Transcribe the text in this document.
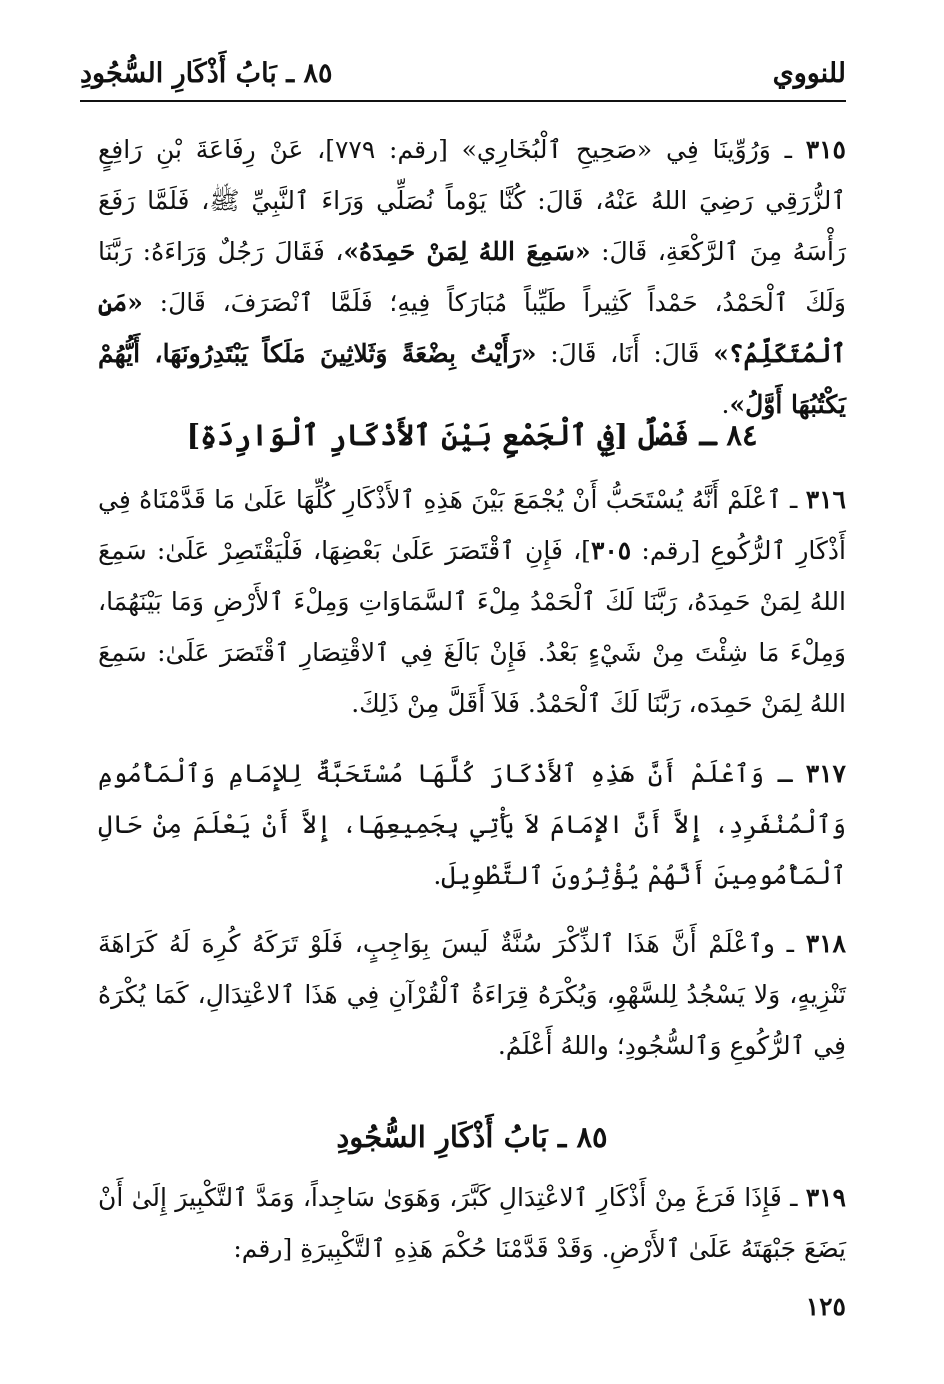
للنووي
٨٥ ـ بَابُ أَذْكَارِ السُّجُودِ
٣١٥ ـ وَرُوِّينَا فِي «صَحِيحِ ٱلْبُخَارِي» [رقم: ٧٧٩]، عَنْ رِفَاعَةَ بْنِ رَافِعٍ ٱلزُّرَقِي رَضِيَ اللهُ عَنْهُ، قَالَ: كُنَّا يَوْماً نُصَلِّي وَرَاءَ ٱلنَّبِيِّ ﷺ، فَلَمَّا رَفَعَ رَأْسَهُ مِنَ ٱلرَّكْعَةِ، قَالَ: «سَمِعَ اللهُ لِمَنْ حَمِدَهُ»، فَقَالَ رَجُلٌ وَرَاءَهُ: رَبَّنَا وَلَكَ ٱلْحَمْدُ، حَمْداً كَثِيراً طَيِّباً مُبَارَكاً فِيهِ؛ فَلَمَّا ٱنْصَرَفَ، قَالَ: «مَنِ ٱلْمُتَكَلِّمُ؟» قَالَ: أَنَا، قَالَ: «رَأَيْتُ بِضْعَةً وَثَلاثِينَ مَلَكاً يَبْتَدِرُونَهَا، أَيُّهُمْ يَكْتُبُهَا أَوَّلُ».
٨٤ ـ فَصْلٌ [فِي ٱلْجَمْعِ بَيْنَ ٱلأَذْكَارِ ٱلْوَارِدَةِ]
٣١٦ ـ ٱعْلَمْ أَنَّهُ يُسْتَحَبُّ أَنْ يُجْمَعَ بَيْنَ هَذِهِ ٱلأَذْكَارِ كُلِّهَا عَلَىٰ مَا قَدَّمْنَاهُ فِي أَذْكَارِ ٱلرُّكُوعِ [رقم: ٣٠٥]، فَإِنِ ٱقْتَصَرَ عَلَىٰ بَعْضِهَا، فَلْيَقْتَصِرْ عَلَىٰ: سَمِعَ اللهُ لِمَنْ حَمِدَهُ، رَبَّنَا لَكَ ٱلْحَمْدُ مِلْءَ ٱلسَّمَاوَاتِ وَمِلْءَ ٱلأَرْضِ وَمَا بَيْنَهُمَا، وَمِلْءَ مَا شِئْتَ مِنْ شَيْءٍ بَعْدُ. فَإِنْ بَالَغَ فِي ٱلاقْتِصَارِ ٱقْتَصَرَ عَلَىٰ: سَمِعَ اللهُ لِمَنْ حَمِدَه، رَبَّنَا لَكَ ٱلْحَمْدُ. فَلاَ أَقَلَّ مِنْ ذَلِكَ.
٣١٧ ـ وَٱعْلَمْ أَنَّ هَذِهِ ٱلأَذْكَارَ كُلَّهَا مُسْتَحَبَّةٌ لِلإِمَامِ وَٱلْمَأْمُومِ وَٱلْمُنْفَرِدِ، إِلاَّ أَنَّ الإِمَامَ لاَ يَأْتِي بِجَمِيعِهَا، إِلاَّ أَنْ يَعْلَمَ مِنْ حَالِ ٱلْمَأْمُومِينَ أَنَّهُمْ يُؤْثِرُونَ ٱلتَّطْوِيلَ.
٣١٨ ـ وٱعْلَمْ أَنَّ هَذَا ٱلذِّكْرَ سُنَّةٌ لَيسَ بِوَاجِبٍ، فَلَوْ تَرَكَهُ كُرِهَ لَهُ كَرَاهَةَ تَنْزِيهٍ، وَلا يَسْجُدُ لِلسَّهْوِ، وَيُكْرَهُ قِرَاءَةُ ٱلْقُرْآنِ فِي هَذَا ٱلاعْتِدَالِ، كَمَا يُكْرَهُ فِي ٱلرُّكُوعِ وَٱلسُّجُودِ؛ واللهُ أَعْلَمُ.
٨٥ ـ بَابُ أَذْكَارِ السُّجُودِ
٣١٩ ـ فَإِذَا فَرَغَ مِنْ أَذْكَارِ ٱلاعْتِدَالِ كَبَّرَ، وَهَوَىٰ سَاجِداً، وَمَدَّ ٱلتَّكْبِيرَ إِلَىٰ أَنْ يَضَعَ جَبْهَتَهُ عَلَىٰ ٱلأَرْضِ. وَقَدْ قَدَّمْنَا حُكْمَ هَذِهِ ٱلتَّكْبِيرَةِ [رقم:
١٢٥
